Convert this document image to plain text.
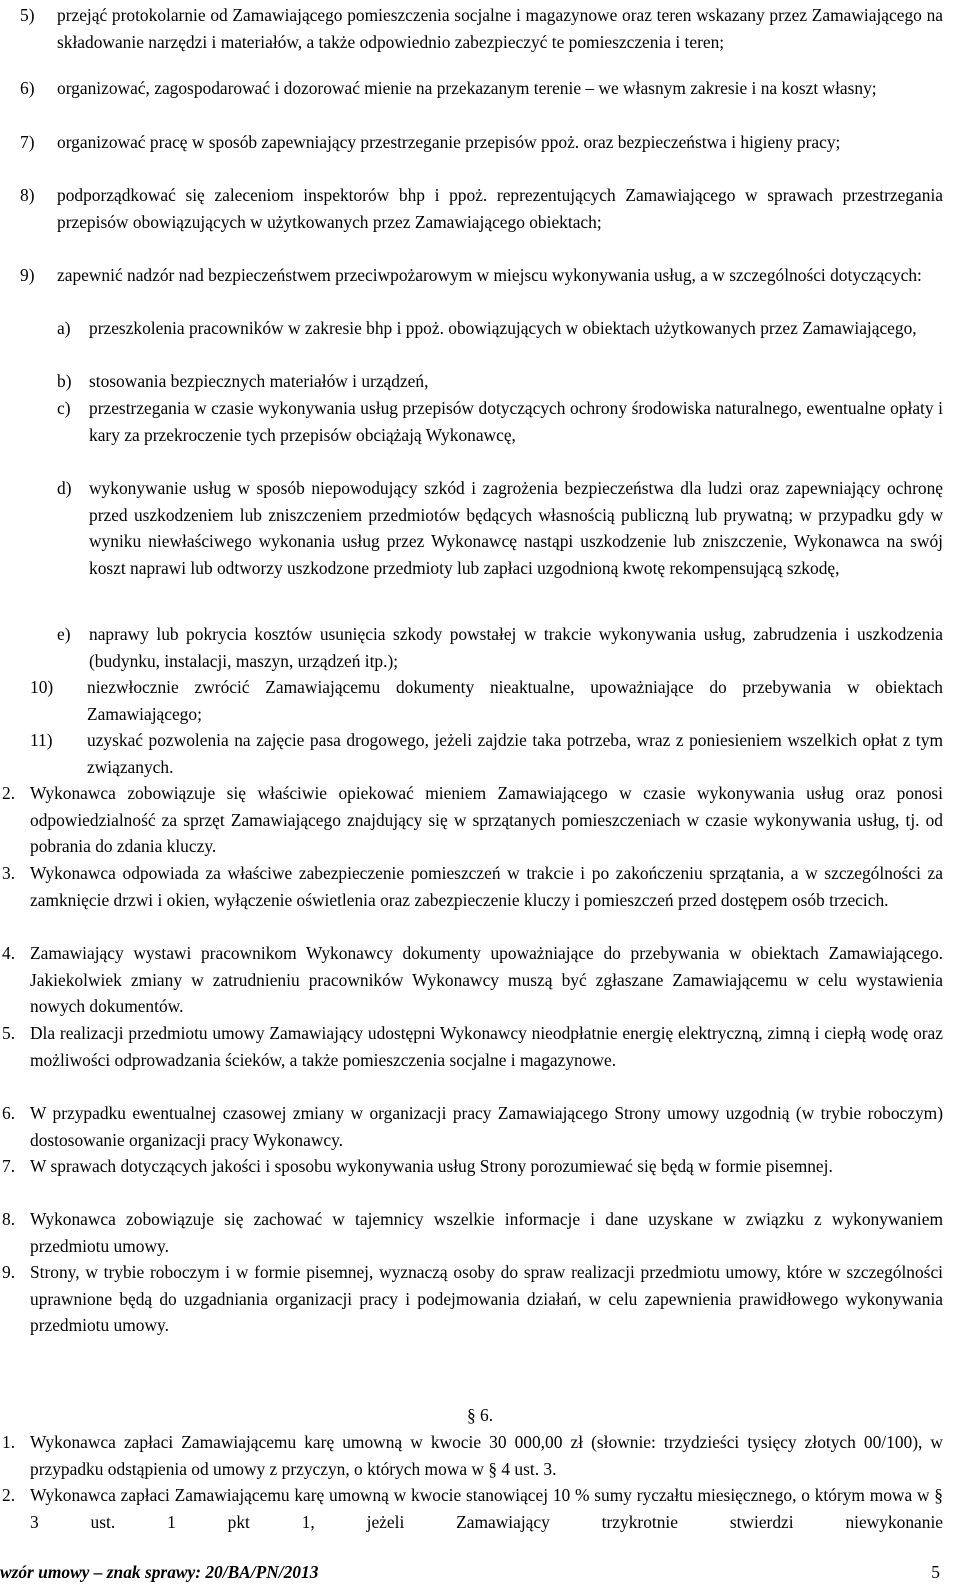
5) przejąć protokolarnie od Zamawiającego pomieszczenia socjalne i magazynowe oraz teren wskazany przez Zamawiającego na składowanie narzędzi i materiałów, a także odpowiednio zabezpieczyć te pomieszczenia i teren;
6) organizować, zagospodarować i dozorować mienie na przekazanym terenie – we własnym zakresie i na koszt własny;
7) organizować pracę w sposób zapewniający przestrzeganie przepisów ppoż. oraz bezpieczeństwa i higieny pracy;
8) podporządkować się zaleceniom inspektorów bhp i ppoż. reprezentujących Zamawiającego w sprawach przestrzegania przepisów obowiązujących w użytkowanych przez Zamawiającego obiektach;
9) zapewnić nadzór nad bezpieczeństwem przeciwpożarowym w miejscu wykonywania usług, a w szczególności dotyczących:
a) przeszkolenia pracowników w zakresie bhp i ppoż. obowiązujących w obiektach użytkowanych przez Zamawiającego,
b) stosowania bezpiecznych materiałów i urządzeń,
c) przestrzegania w czasie wykonywania usług przepisów dotyczących ochrony środowiska naturalnego, ewentualne opłaty i kary za przekroczenie tych przepisów obciążają Wykonawcę,
d) wykonywanie usług w sposób niepowodujący szkód i zagrożenia bezpieczeństwa dla ludzi oraz zapewniający ochronę przed uszkodzeniem lub zniszczeniem przedmiotów będących własnością publiczną lub prywatną; w przypadku gdy w wyniku niewłaściwego wykonania usług przez Wykonawcę nastąpi uszkodzenie lub zniszczenie, Wykonawca na swój koszt naprawi lub odtworzy uszkodzone przedmioty lub zapłaci uzgodnioną kwotę rekompensującą szkodę,
e) naprawy lub pokrycia kosztów usunięcia szkody powstałej w trakcie wykonywania usług, zabrudzenia i uszkodzenia (budynku, instalacji, maszyn, urządzeń itp.);
10) niezwłocznie zwrócić Zamawiającemu dokumenty nieaktualne, upoważniające do przebywania w obiektach Zamawiającego;
11) uzyskać pozwolenia na zajęcie pasa drogowego, jeżeli zajdzie taka potrzeba, wraz z poniesieniem wszelkich opłat z tym związanych.
2. Wykonawca zobowiązuje się właściwie opiekować mieniem Zamawiającego w czasie wykonywania usług oraz ponosi odpowiedzialność za sprzęt Zamawiającego znajdujący się w sprzątanych pomieszczeniach w czasie wykonywania usług, tj. od pobrania do zdania kluczy.
3. Wykonawca odpowiada za właściwe zabezpieczenie pomieszczeń w trakcie i po zakończeniu sprzątania, a w szczególności za zamknięcie drzwi i okien, wyłączenie oświetlenia oraz zabezpieczenie kluczy i pomieszczeń przed dostępem osób trzecich.
4. Zamawiający wystawi pracownikom Wykonawcy dokumenty upoważniające do przebywania w obiektach Zamawiającego. Jakiekolwiek zmiany w zatrudnieniu pracowników Wykonawcy muszą być zgłaszane Zamawiającemu w celu wystawienia nowych dokumentów.
5. Dla realizacji przedmiotu umowy Zamawiający udostępni Wykonawcy nieodpłatnie energię elektryczną, zimną i ciepłą wodę oraz możliwości odprowadzania ścieków, a także pomieszczenia socjalne i magazynowe.
6. W przypadku ewentualnej czasowej zmiany w organizacji pracy Zamawiającego Strony umowy uzgodnią (w trybie roboczym) dostosowanie organizacji pracy Wykonawcy.
7. W sprawach dotyczących jakości i sposobu wykonywania usług Strony porozumiewać się będą w formie pisemnej.
8. Wykonawca zobowiązuje się zachować w tajemnicy wszelkie informacje i dane uzyskane w związku z wykonywaniem przedmiotu umowy.
9. Strony, w trybie roboczym i w formie pisemnej, wyznaczą osoby do spraw realizacji przedmiotu umowy, które w szczególności uprawnione będą do uzgadniania organizacji pracy i podejmowania działań, w celu zapewnienia prawidłowego wykonywania przedmiotu umowy.
§ 6.
1. Wykonawca zapłaci Zamawiającemu karę umowną w kwocie 30 000,00 zł (słownie: trzydzieści tysięcy złotych 00/100), w przypadku odstąpienia od umowy z przyczyn, o których mowa w § 4 ust. 3.
2. Wykonawca zapłaci Zamawiającemu karę umowną w kwocie stanowiącej 10 % sumy ryczałtu miesięcznego, o którym mowa w § 3 ust. 1 pkt 1, jeżeli Zamawiający trzykrotnie stwierdzi niewykonanie
wzór umowy – znak sprawy: 20/BA/PN/2013	5
